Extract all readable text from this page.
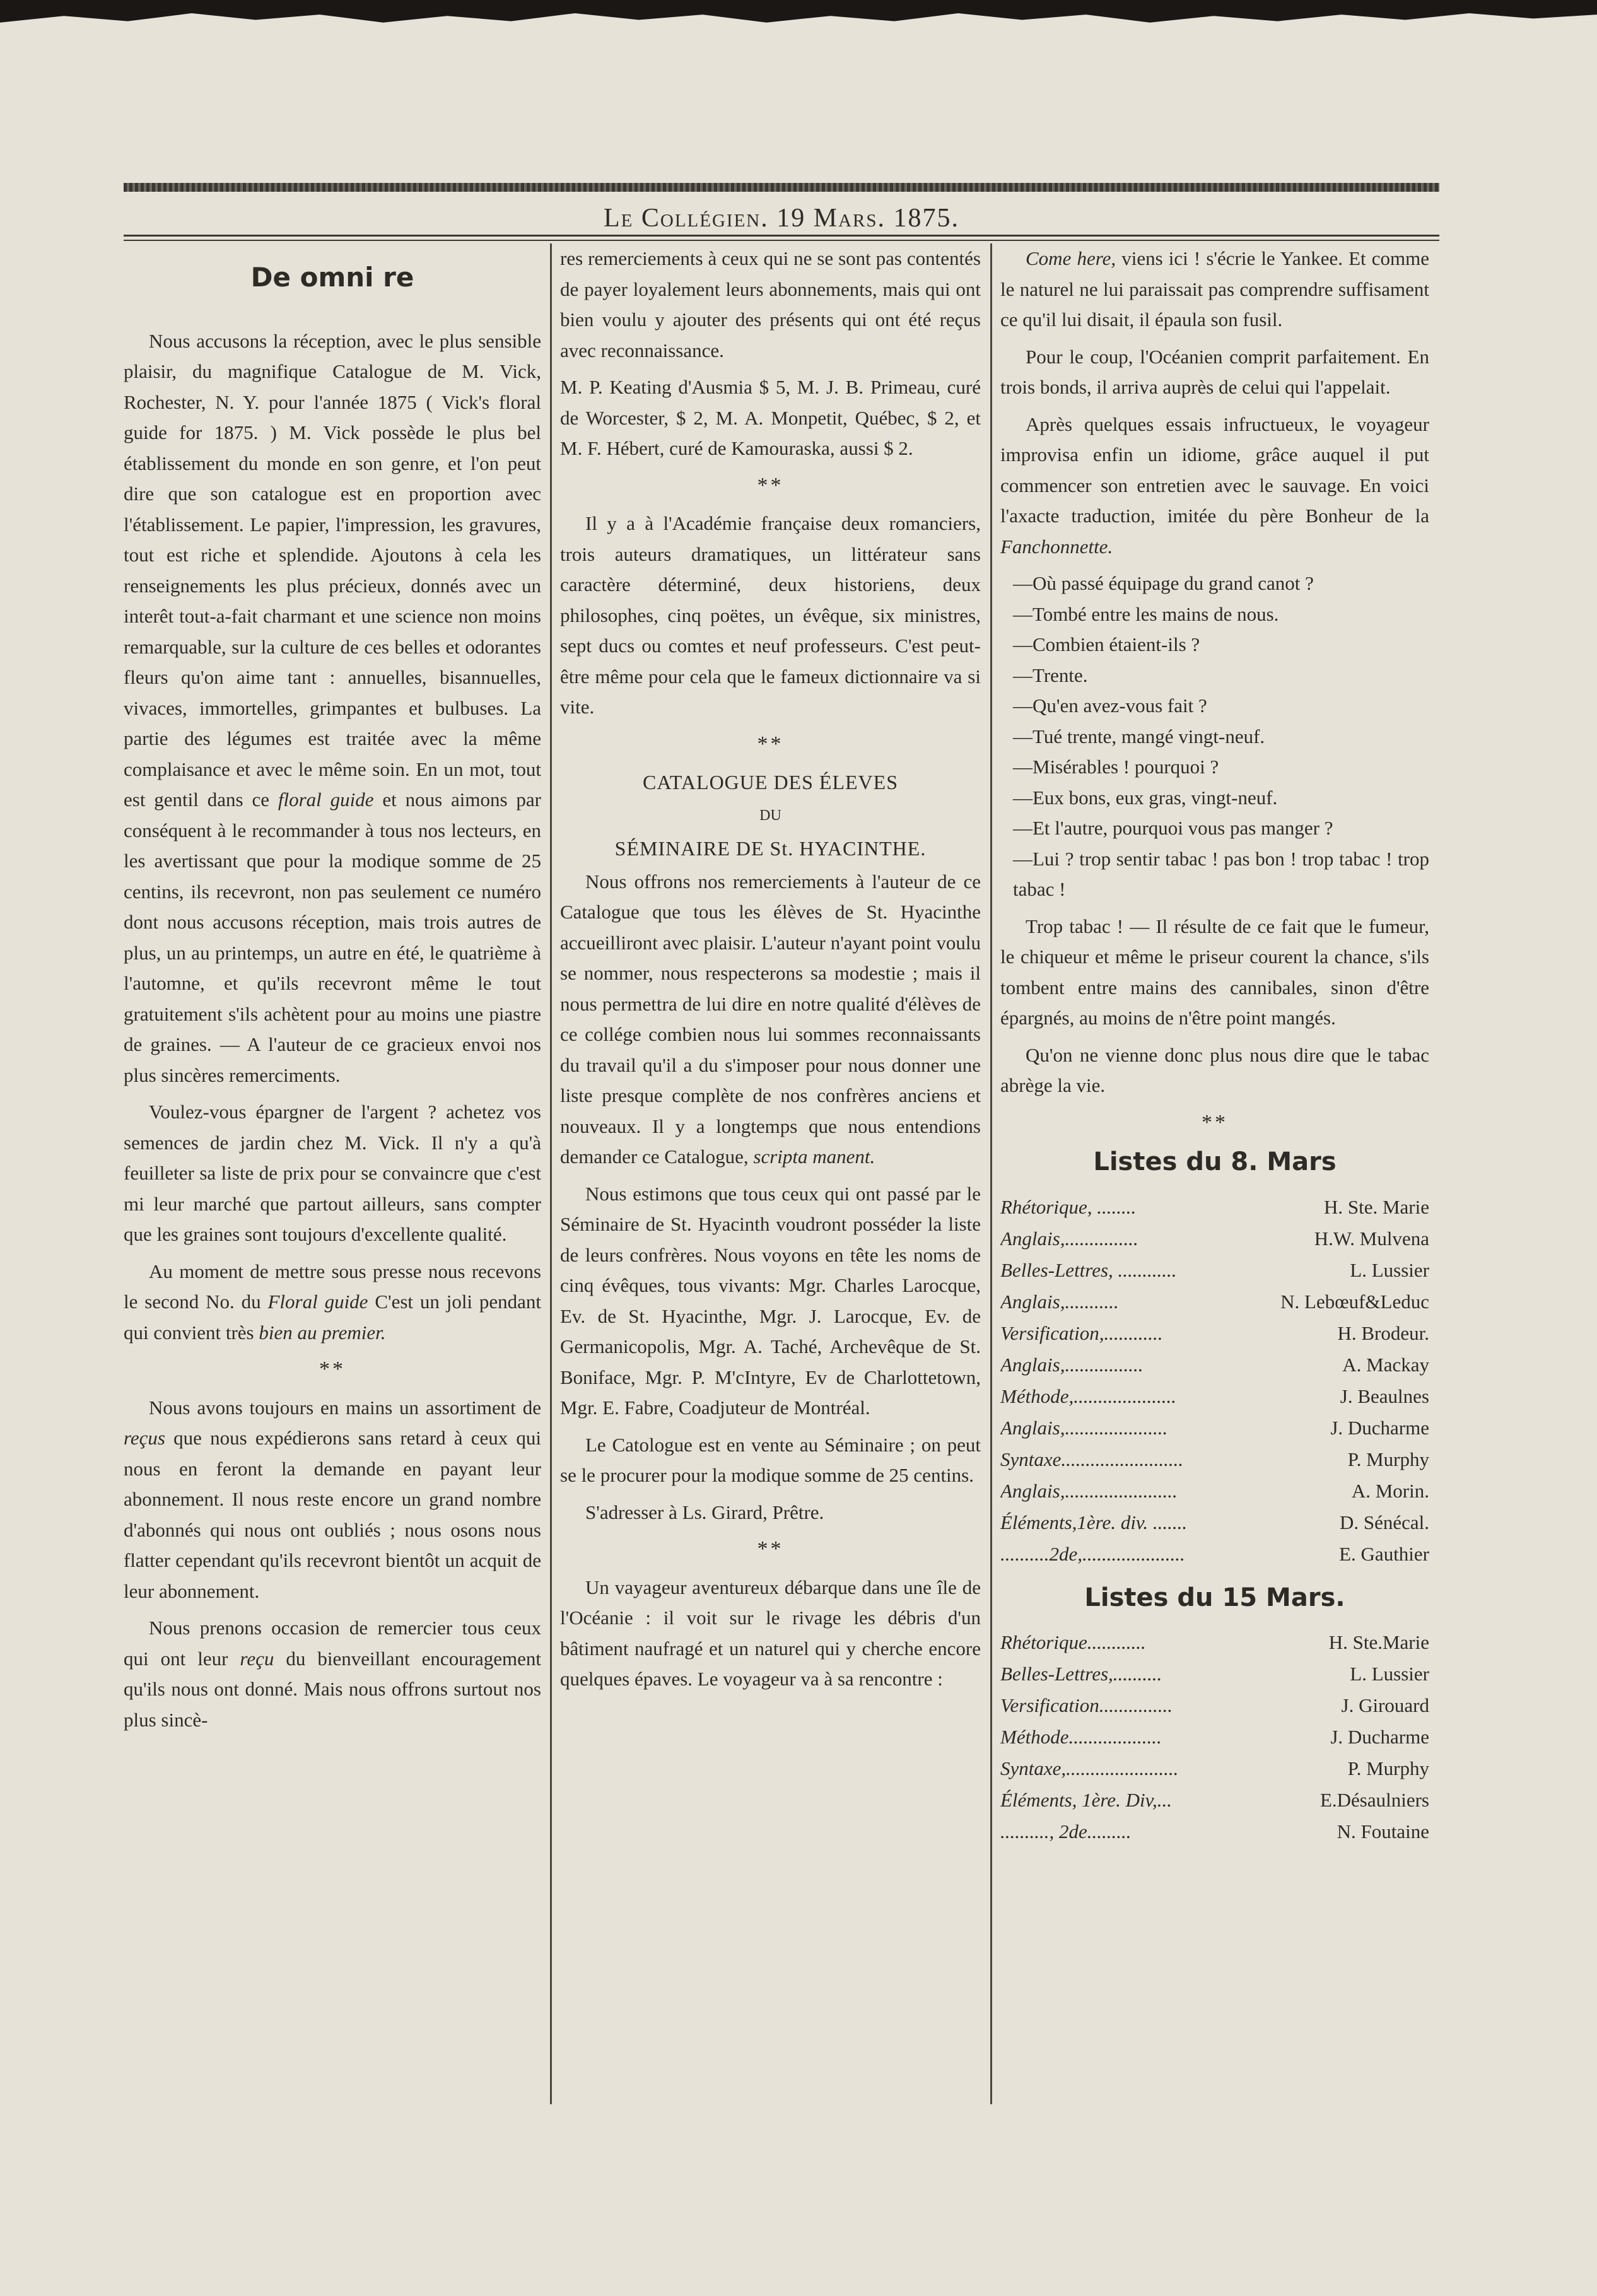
Le Collégien. 19 Mars. 1875.
De omni re

Nous accusons la réception, avec le plus sensible plaisir, du magnifique Catalogue de M. Vick, Rochester, N. Y. pour l'année 1875 ( Vick's floral guide for 1875. ) M. Vick possède le plus bel établissement du monde en son genre, et l'on peut dire que son catalogue est en proportion avec l'établissement. Le papier, l'impression, les gravures, tout est riche et splendide. Ajoutons à cela les renseignements les plus précieux, donnés avec un interêt tout-a-fait charmant et une science non moins remarquable, sur la culture de ces belles et odorantes fleurs qu'on aime tant : annuelles, bisannuelles, vivaces, immortelles, grimpantes et bulbuses. La partie des légumes est traitée avec la même complaisance et avec le même soin. En un mot, tout est gentil dans ce floral guide et nous aimons par conséquent à le recommander à tous nos lecteurs, en les avertissant que pour la modique somme de 25 centins, ils recevront, non pas seulement ce numéro dont nous accusons réception, mais trois autres de plus, un au printemps, un autre en été, le quatrième à l'automne, et qu'ils recevront même le tout gratuitement s'ils achètent pour au moins une piastre de graines. — A l'auteur de ce gracieux envoi nos plus sincères remerciments.

Voulez-vous épargner de l'argent ? achetez vos semences de jardin chez M. Vick. Il n'y a qu'à feuilleter sa liste de prix pour se convaincre que c'est mi leur marché que partout ailleurs, sans compter que les graines sont toujours d'excellente qualité.

Au moment de mettre sous presse nous recevons le second No. du Floral guide C'est un joli pendant qui convient très bien au premier.

**

Nous avons toujours en mains un assortiment de reçus que nous expédierons sans retard à ceux qui nous en feront la demande en payant leur abonnement. Il nous reste encore un grand nombre d'abonnés qui nous ont oubliés ; nous osons nous flatter cependant qu'ils recevront bientôt un acquit de leur abonnement.

Nous prenons occasion de remercier tous ceux qui ont leur reçu du bienveillant encouragement qu'ils nous ont donné. Mais nous offrons surtout nos plus sincè-

res remerciements à ceux qui ne se sont pas contentés de payer loyalement leurs abonnements, mais qui ont bien voulu y ajouter des présents qui ont été reçus avec reconnaissance.

M. P. Keating d'Ausmia $ 5, M. J. B. Primeau, curé de Worcester, $ 2, M. A. Monpetit, Québec, $ 2, et M. F. Hébert, curé de Kamouraska, aussi $ 2.

**

Il y a à l'Académie française deux romanciers, trois auteurs dramatiques, un littérateur sans caractère déterminé, deux historiens, deux philosophes, cinq poëtes, un évêque, six ministres, sept ducs ou comtes et neuf professeurs. C'est peut-être même pour cela que le fameux dictionnaire va si vite.

**
CATALOGUE DES ÉLEVES
DU
SÉMINAIRE DE St. HYACINTHE.

Nous offrons nos remerciements à l'auteur de ce Catalogue que tous les élèves de St. Hyacinthe accueilliront avec plaisir. L'auteur n'ayant point voulu se nommer, nous respecterons sa modestie ; mais il nous permettra de lui dire en notre qualité d'élèves de ce collége combien nous lui sommes reconnaissants du travail qu'il a du s'imposer pour nous donner une liste presque complète de nos confrères anciens et nouveaux. Il y a longtemps que nous entendions demander ce Catalogue, scripta manent.

Nous estimons que tous ceux qui ont passé par le Séminaire de St. Hyacinth voudront posséder la liste de leurs confrères. Nous voyons en tête les noms de cinq évêques, tous vivants: Mgr. Charles Larocque, Ev. de St. Hyacinthe, Mgr. J. Larocque, Ev. de Germanicopolis, Mgr. A. Taché, Archevêque de St. Boniface, Mgr. P. M'cIntyre, Ev de Charlottetown, Mgr. E. Fabre, Coadjuteur de Montréal.

Le Catologue est en vente au Séminaire ; on peut se le procurer pour la modique somme de 25 centins.

S'adresser à Ls. Girard, Prêtre.

**

Un vayageur aventureux débarque dans une île de l'Océanie : il voit sur le rivage les débris d'un bâtiment naufragé et un naturel qui y cherche encore quelques épaves. Le voyageur va à sa rencontre :

Come here, viens ici ! s'écrie le Yankee. Et comme le naturel ne lui paraissait pas comprendre suffisament ce qu'il lui disait, il épaula son fusil.

Pour le coup, l'Océanien comprit parfaitement. En trois bonds, il arriva auprès de celui qui l'appelait.

Après quelques essais infructueux, le voyageur improvisa enfin un idiome, grâce auquel il put commencer son entretien avec le sauvage. En voici l'axacte traduction, imitée du père Bonheur de la Fanchonnette.

—Où passé équipage du grand canot ?
—Tombé entre les mains de nous.
—Combien étaient-ils ?
—Trente.
—Qu'en avez-vous fait ?
—Tué trente, mangé vingt-neuf.
—Misérables ! pourquoi ?
—Eux bons, eux gras, vingt-neuf.
—Et l'autre, pourquoi vous pas manger ?
—Lui ? trop sentir tabac ! pas bon ! trop tabac ! trop tabac !

Trop tabac ! — Il résulte de ce fait que le fumeur, le chiqueur et même le priseur courent la chance, s'ils tombent entre mains des cannibales, sinon d'être épargnés, au moins de n'être point mangés.

Qu'on ne vienne donc plus nous dire que le tabac abrège la vie.

**
Listes du 8. Mars
Rhétorique, ........	H. Ste. Marie
Anglais,...............	H.W. Mulvena
Belles-Lettres, ............	L. Lussier
Anglais,...........	N. Lebœuf&Leduc
Versification,............	H. Brodeur.
Anglais,................	A. Mackay
Méthode,.....................	J. Beaulnes
Anglais,.....................	J. Ducharme
Syntaxe.........................	P. Murphy
Anglais,.......................	A. Morin.
Éléments,1ère. div. .......	D. Sénécal.
..........2de,.....................	E. Gauthier
Listes du 15 Mars.
Rhétorique............	H. Ste.Marie
Belles-Lettres,..........	L. Lussier
Versification...............	J. Girouard
Méthode...................	J. Ducharme
Syntaxe,.......................	P. Murphy
Éléments, 1ère. Div,...	E.Désaulniers
.........., 2de.........	N. Foutaine
